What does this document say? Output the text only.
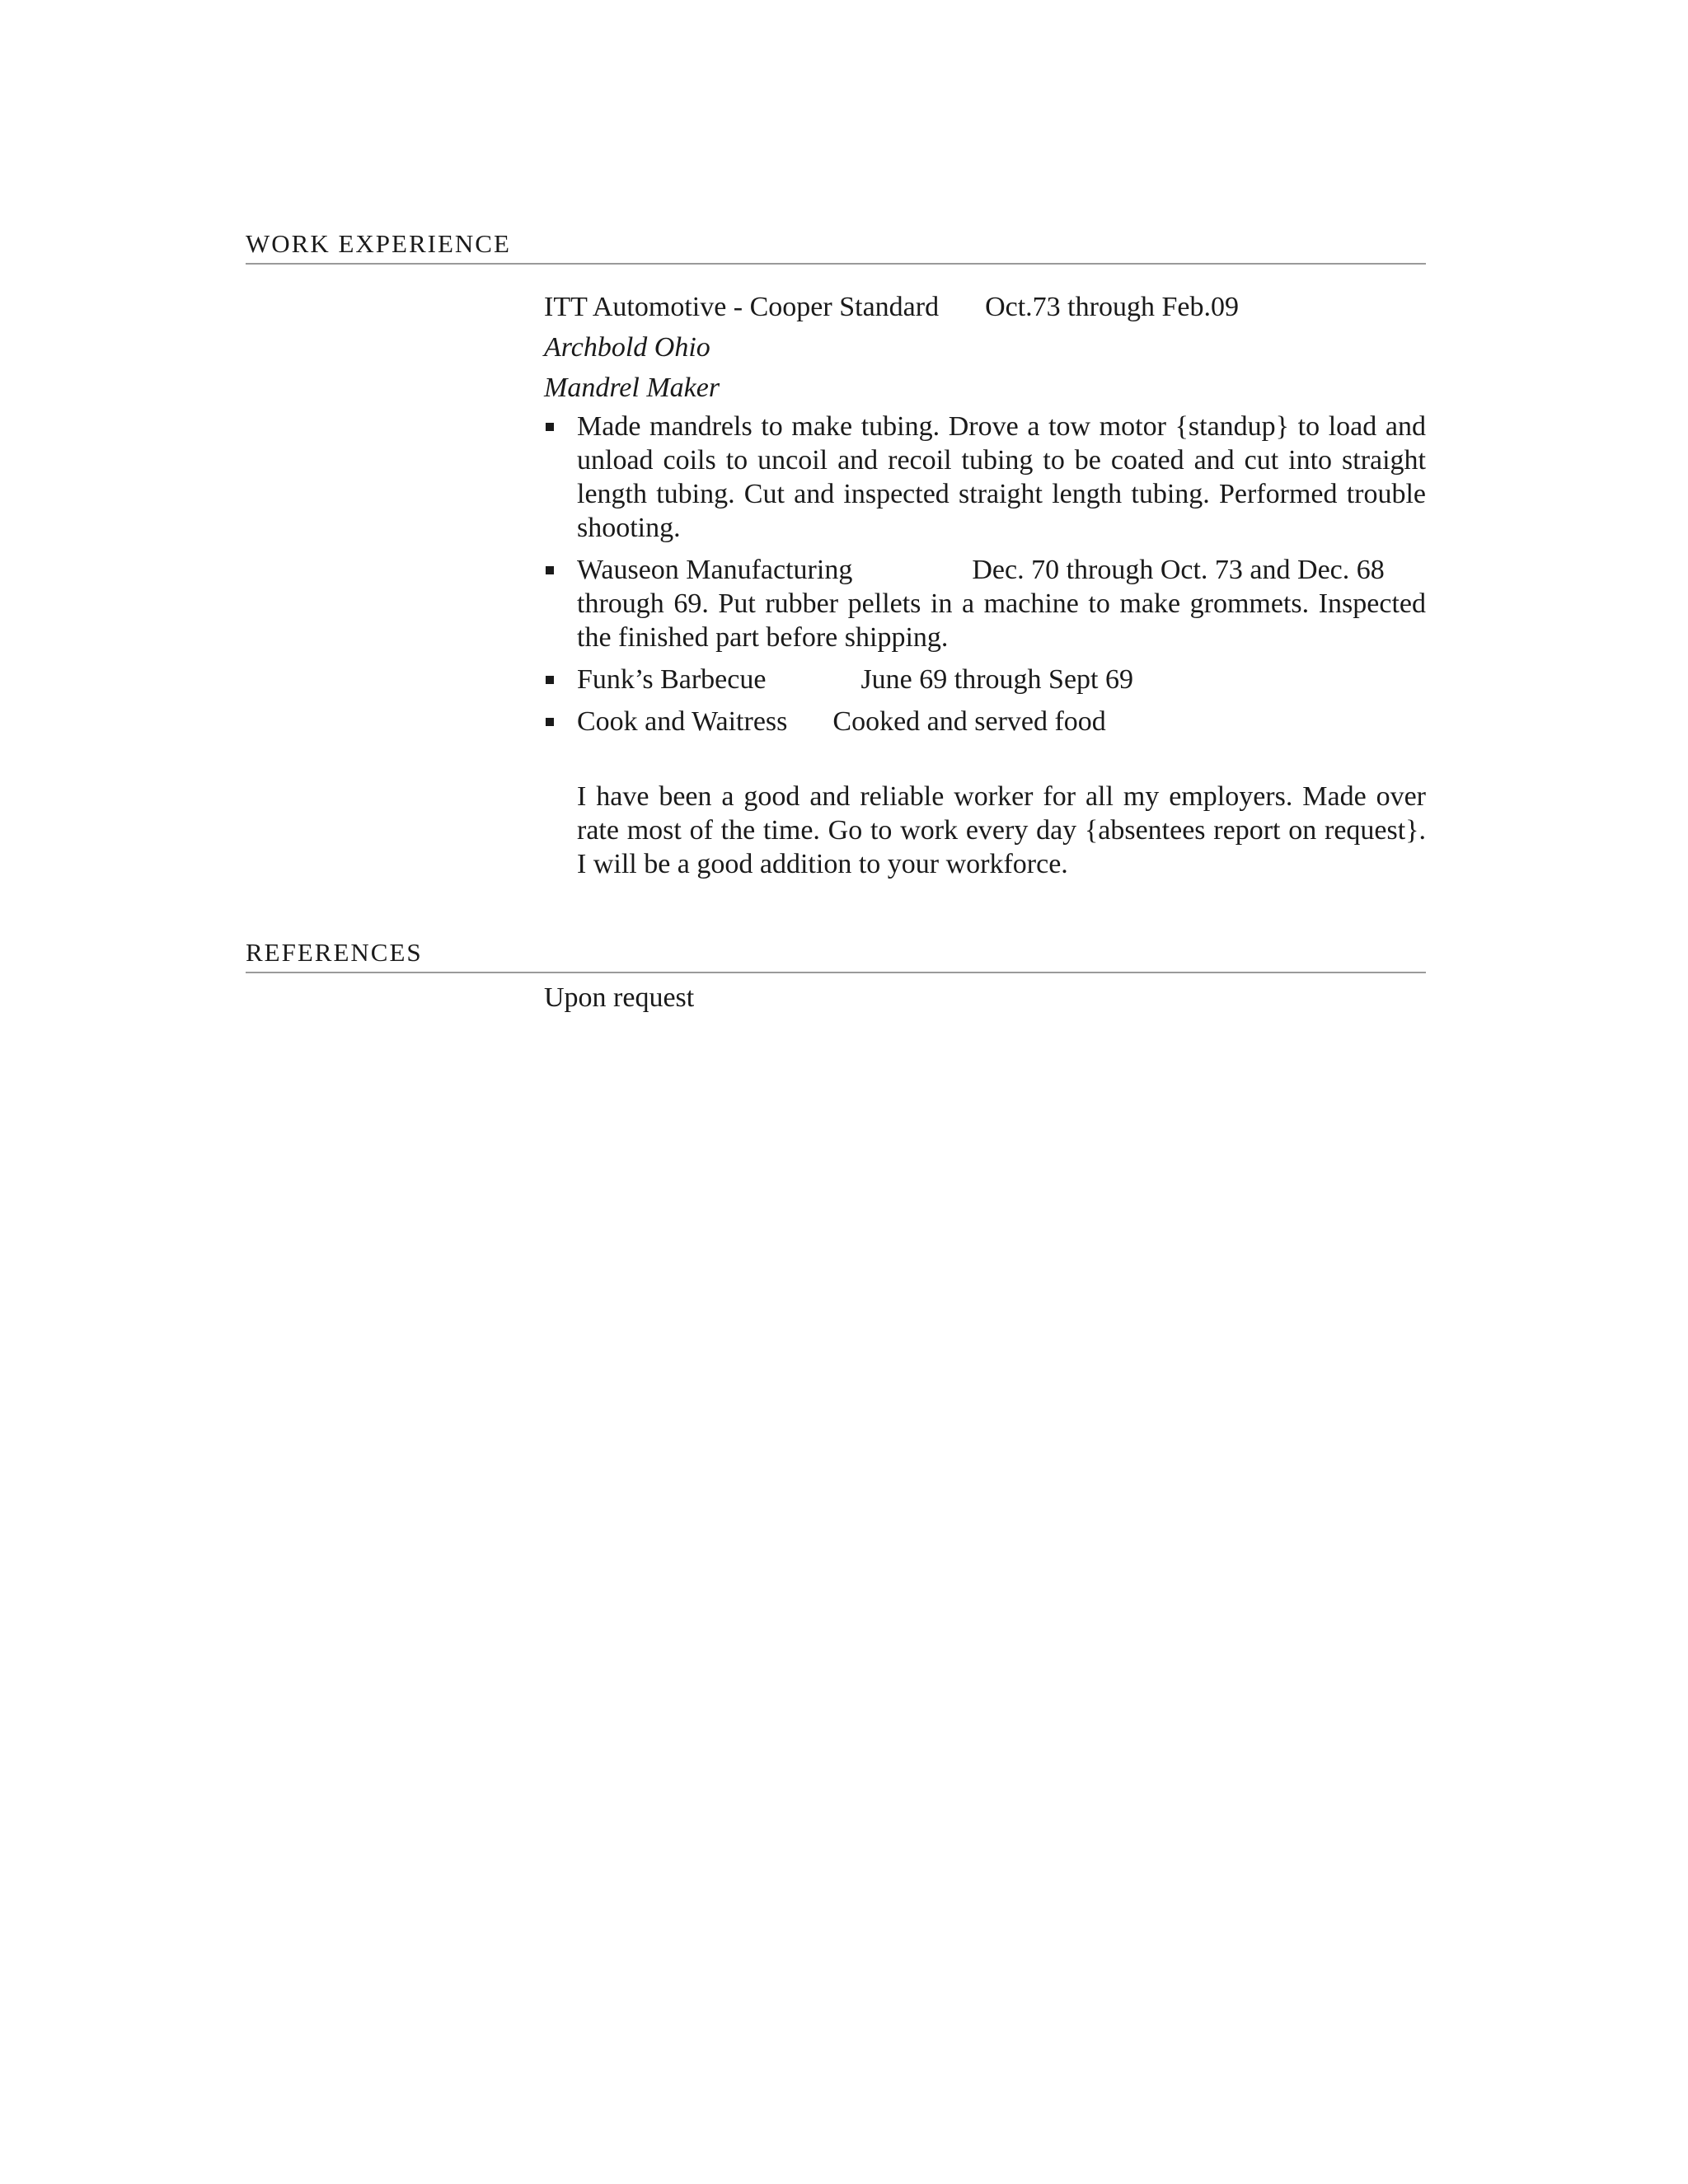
WORK EXPERIENCE

ITT Automotive - Cooper Standard Oct.73 through Feb.09

Archbold Ohio

Mandrel Maker

Made mandrels to make tubing. Drove a tow motor {standup} to load and unload coils to uncoil and recoil tubing to be coated and cut into straight length tubing. Cut and inspected straight length tubing. Performed trouble shooting.
Wauseon Manufacturing	Dec. 70 through Oct. 73 and Dec. 68
through 69. Put rubber pellets in a machine to make grommets. Inspected the finished part before shipping.
Funk’s Barbecue	June 69 through Sept 69
Cook and Waitress Cooked and served food

I have been a good and reliable worker for all my employers. Made over rate most of the time. Go to work every day {absentees report on request}. I will be a good addition to your workforce.

REFERENCES

Upon request
